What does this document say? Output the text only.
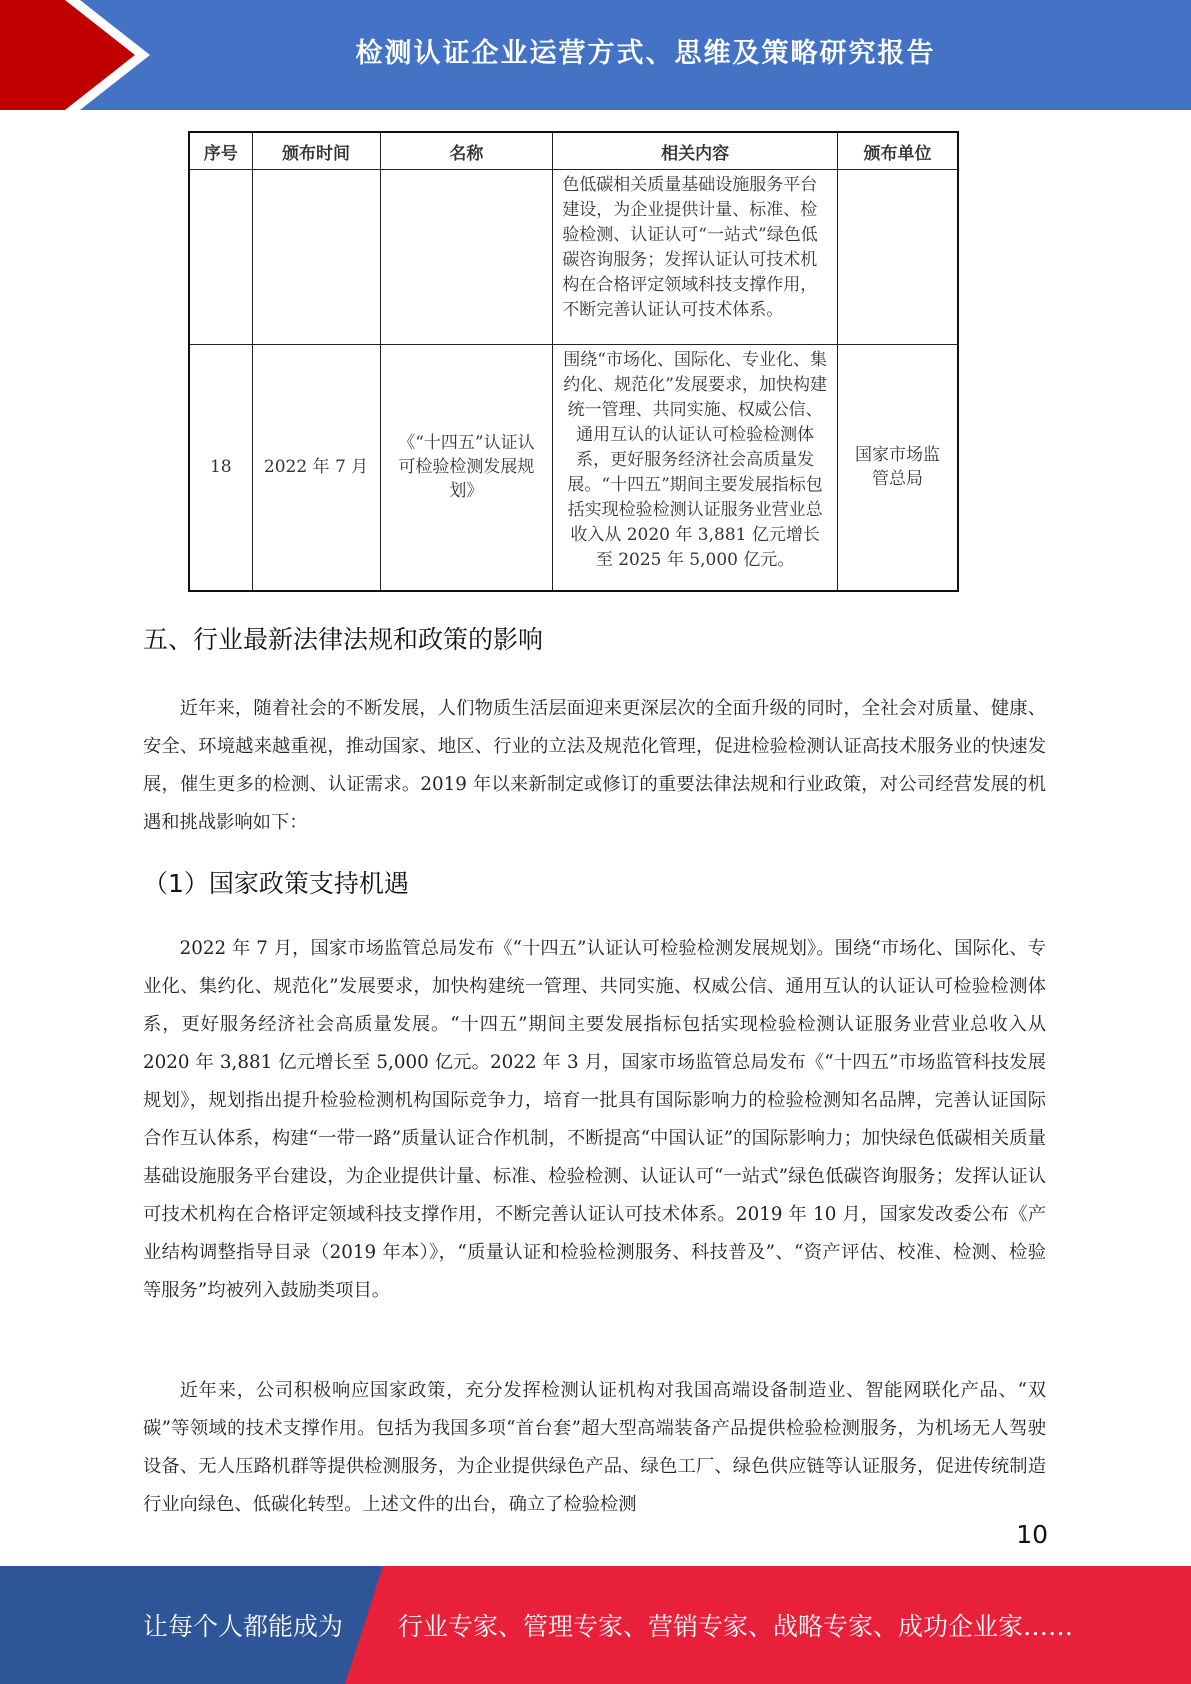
检测认证企业运营方式、思维及策略研究报告
序号	颁布时间	名称	相关内容	颁布单位
			色低碳相关质量基础设施服务平台建设，为企业提供计量、标准、检验检测、认证认可“一站式”绿色低碳咨询服务；发挥认证认可技术机构在合格评定领域科技支撑作用，不断完善认证认可技术体系。	
18	2022 年 7 月	《“十四五”认证认可检验检测发展规划》	围绕“市场化、国际化、专业化、集约化、规范化”发展要求，加快构建统一管理、共同实施、权威公信、通用互认的认证认可检验检测体系，更好服务经济社会高质量发展。“十四五”期间主要发展指标包括实现检验检测认证服务业营业总收入从 2020 年 3,881 亿元增长至 2025 年 5,000 亿元。	国家市场监管总局
五、行业最新法律法规和政策的影响

近年来，随着社会的不断发展，人们物质生活层面迎来更深层次的全面升级的同时，全社会对质量、健康、安全、环境越来越重视，推动国家、地区、行业的立法及规范化管理，促进检验检测认证高技术服务业的快速发展，催生更多的检测、认证需求。2019 年以来新制定或修订的重要法律法规和行业政策，对公司经营发展的机遇和挑战影响如下：

（1）国家政策支持机遇

2022 年 7 月，国家市场监管总局发布《“十四五”认证认可检验检测发展规划》。围绕“市场化、国际化、专业化、集约化、规范化”发展要求，加快构建统一管理、共同实施、权威公信、通用互认的认证认可检验检测体系，更好服务经济社会高质量发展。“十四五”期间主要发展指标包括实现检验检测认证服务业营业总收入从 2020 年 3,881 亿元增长至 5,000 亿元。2022 年 3 月，国家市场监管总局发布《“十四五”市场监管科技发展规划》，规划指出提升检验检测机构国际竞争力，培育一批具有国际影响力的检验检测知名品牌，完善认证国际合作互认体系，构建“一带一路”质量认证合作机制，不断提高“中国认证”的国际影响力；加快绿色低碳相关质量基础设施服务平台建设，为企业提供计量、标准、检验检测、认证认可“一站式”绿色低碳咨询服务；发挥认证认可技术机构在合格评定领域科技支撑作用，不断完善认证认可技术体系。2019 年 10 月，国家发改委公布《产业结构调整指导目录（2019 年本）》，“质量认证和检验检测服务、科技普及”、“资产评估、校准、检测、检验等服务”均被列入鼓励类项目。

近年来，公司积极响应国家政策，充分发挥检测认证机构对我国高端设备制造业、智能网联化产品、“双碳”等领域的技术支撑作用。包括为我国多项“首台套”超大型高端装备产品提供检验检测服务，为机场无人驾驶设备、无人压路机群等提供检测服务，为企业提供绿色产品、绿色工厂、绿色供应链等认证服务，促进传统制造行业向绿色、低碳化转型。上述文件的出台，确立了检验检测

10
让每个人都能成为 行业专家、管理专家、营销专家、战略专家、成功企业家……
